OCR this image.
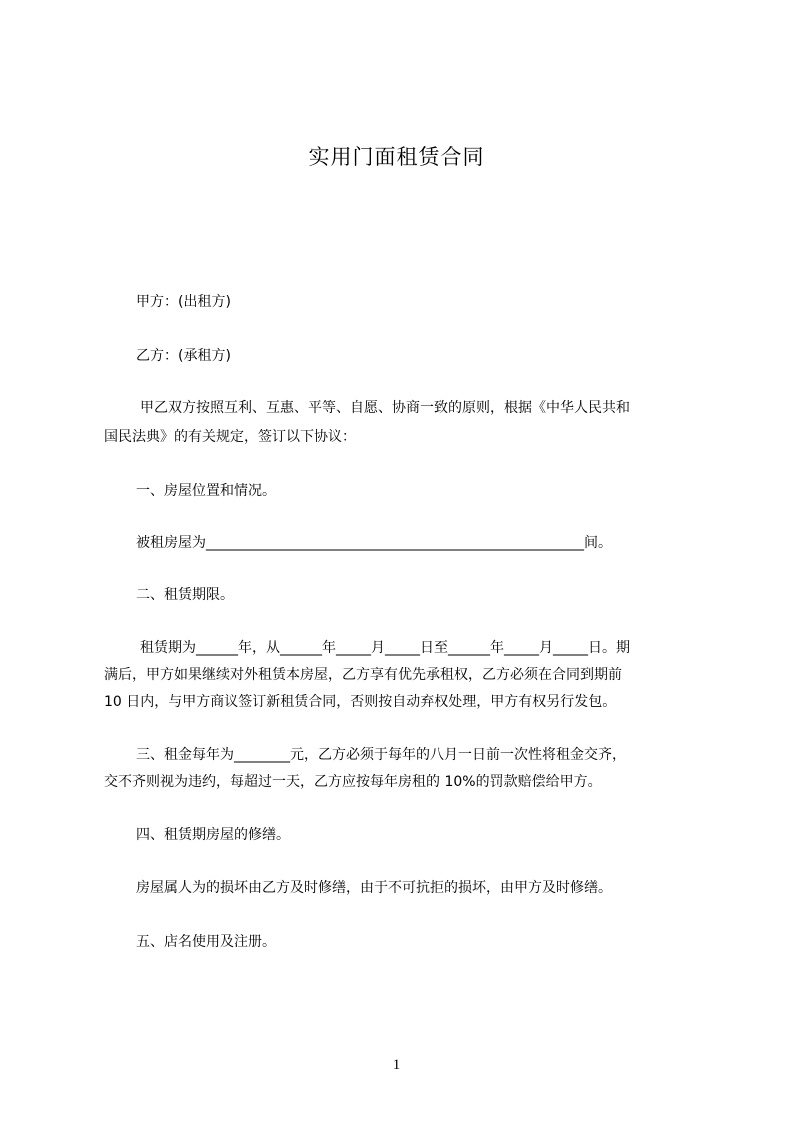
实用门面租赁合同
甲方：(出租方)
乙方：(承租方)
甲乙双方按照互利、互惠、平等、自愿、协商一致的原则，根据《中华人民共和
国民法典》的有关规定，签订以下协议：
一、房屋位置和情况。
被租房屋为______________________________________________________间。
二、租赁期限。
租赁期为______年，从______年_____月_____日至______年_____月_____日。期
满后，甲方如果继续对外租赁本房屋，乙方享有优先承租权，乙方必须在合同到期前
10 日内，与甲方商议签订新租赁合同，否则按自动弃权处理，甲方有权另行发包。
三、租金每年为________元，乙方必须于每年的八月一日前一次性将租金交齐，
交不齐则视为违约，每超过一天，乙方应按每年房租的 10%的罚款赔偿给甲方。
四、租赁期房屋的修缮。
房屋属人为的损坏由乙方及时修缮，由于不可抗拒的损坏，由甲方及时修缮。
五、店名使用及注册。
1
